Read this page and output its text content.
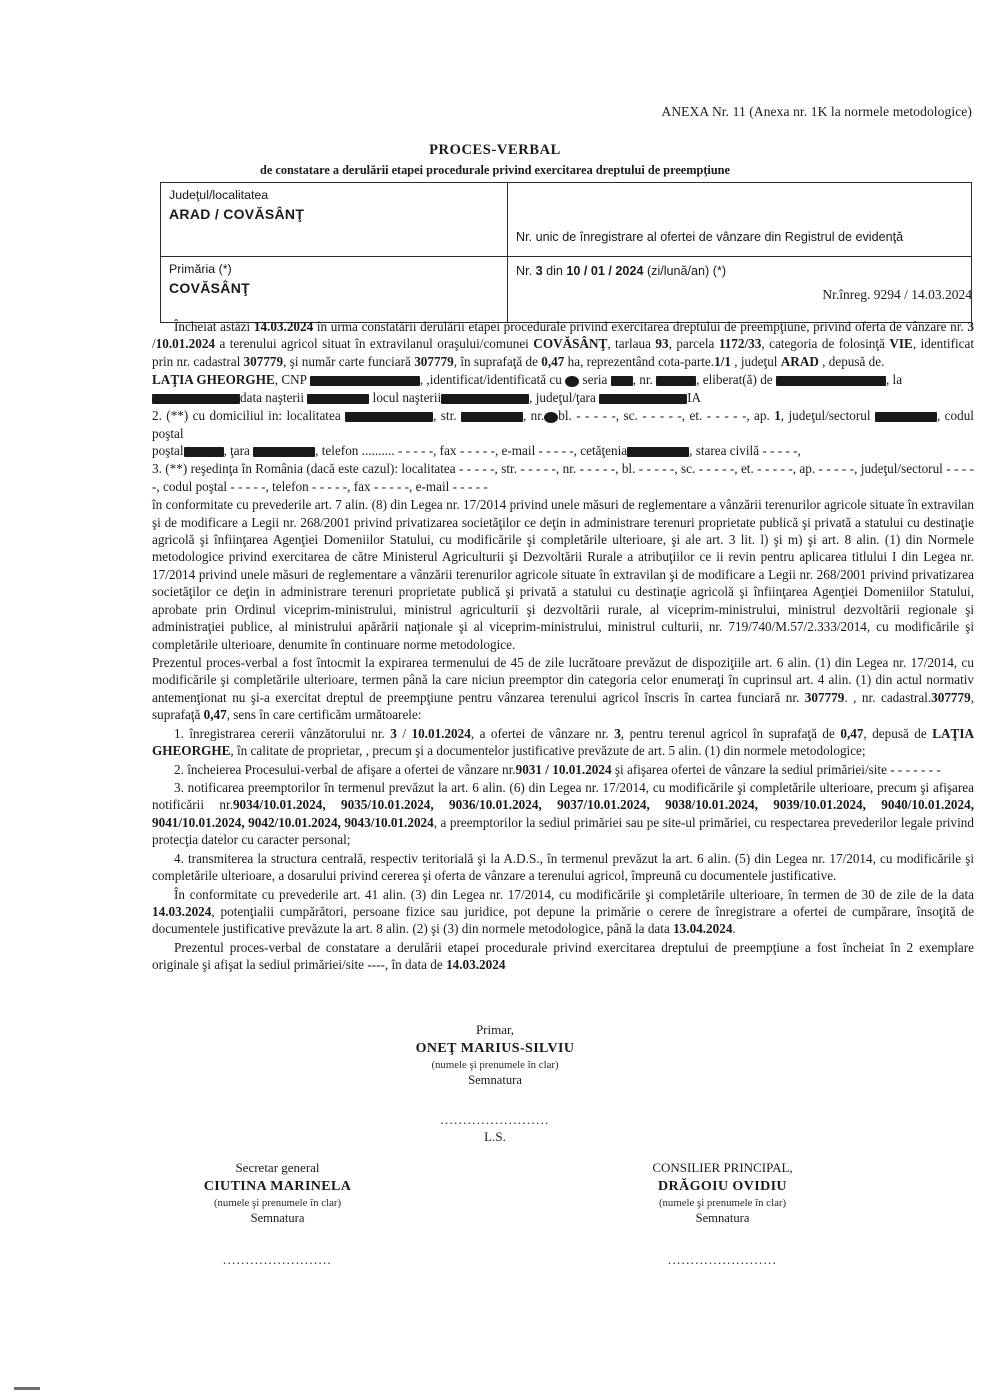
ANEXA Nr. 11 (Anexa nr. 1K la normele metodologice)
PROCES-VERBAL
de constatare a derulării etapei procedurale privind exercitarea dreptului de preempţiune
Judeţul/localitatea
ARAD / COVĂSÂNŢ	Nr. unic de înregistrare al ofertei de vânzare din Registrul de evidenţă

Primăria (*)
COVĂSÂNŢ	Nr. 3 din 10 / 01 / 2024 (zi/lună/an) (*)
Nr.înreg. 9294 / 14.03.2024

Încheiat astăzi 14.03.2024 în urma constatării derulării etapei procedurale privind exercitarea dreptului de preempţiune, privind oferta de vânzare nr. 3 /10.01.2024 a terenului agricol situat în extravilanul oraşului/comunei COVĂSÂNŢ, tarlaua 93, parcela 1172/33, categoria de folosinţă VIE, identificat prin nr. cadastral 307779, şi număr carte funciară 307779, în suprafaţă de 0,47 ha, reprezentând cota-parte.1/1 , judeţul ARAD , depusă de.

LAŢIA GHEORGHE, CNP	, ,identificat/identificată cu  seria , nr.	, eliberat(ă) de	, la
data naşterii	locul naşterii	, judeţul/ţara	IA

2. (**) cu domiciliul in: localitatea	, str.	, nr. bl. - - - - -, sc. - - - - -, et. - - - - -, ap. 1, judeţul/sectorul	, codul poştal
poştal	, ţara	, telefon .......... - - - - -, fax - - - - -, e-mail - - - - -, cetăţenia	, starea civilă - - - - -,

3. (**) reşedinţa în România (dacă este cazul): localitatea - - - - -, str. - - - - -, nr. - - - - -, bl. - - - - -, sc. - - - - -, et. - - - - -, ap. - - - - -, judeţul/sectorul - - - - -, codul poştal - - - - -, telefon - - - - -, fax - - - - -, e-mail - - - - -

în conformitate cu prevederile art. 7 alin. (8) din Legea nr. 17/2014 privind unele măsuri de reglementare a vânzării terenurilor agricole situate în extravilan şi de modificare a Legii nr. 268/2001 privind privatizarea societăţilor ce deţin in administrare terenuri proprietate publică şi privată a statului cu destinaţie agricolă şi înfiinţarea Agenţiei Domeniilor Statului, cu modificările şi completările ulterioare, şi ale art. 3 lit. l) şi m) şi art. 8 alin. (1) din Normele metodologice privind exercitarea de către Ministerul Agriculturii şi Dezvoltării Rurale a atribuţiilor ce ii revin pentru aplicarea titlului I din Legea nr. 17/2014 privind unele măsuri de reglementare a vânzării terenurilor agricole situate în extravilan şi de modificare a Legii nr. 268/2001 privind privatizarea societăţilor ce deţin in administrare terenuri proprietate publică şi privată a statului cu destinaţie agricolă şi înfiinţarea Agenţiei Domeniilor Statului, aprobate prin Ordinul viceprim-ministrului, ministrul agriculturii şi dezvoltării rurale, al viceprim-ministrului, ministrul dezvoltării regionale şi administraţiei publice, al ministrului apărării naţionale şi al viceprim-ministrului, ministrul culturii, nr. 719/740/M.57/2.333/2014, cu modificările şi completările ulterioare, denumite în continuare norme metodologice.

Prezentul proces-verbal a fost întocmit la expirarea termenului de 45 de zile lucrătoare prevăzut de dispoziţiile art. 6 alin. (1) din Legea nr. 17/2014, cu modificările şi completările ulterioare, termen până la care niciun preemptor din categoria celor enumeraţi în cuprinsul art. 4 alin. (1) din actul normativ antemenţionat nu şi-a exercitat dreptul de preempţiune pentru vânzarea terenului agricol înscris în cartea funciară nr. 307779. , nr. cadastral.307779, suprafaţă 0,47, sens în care certificăm următoarele:

1. înregistrarea cererii vânzătorului nr. 3 / 10.01.2024, a ofertei de vânzare nr. 3, pentru terenul agricol în suprafaţă de 0,47, depusă de LAŢIA GHEORGHE, în calitate de proprietar, , precum şi a documentelor justificative prevăzute de art. 5 alin. (1) din normele metodologice;

2. încheierea Procesului-verbal de afişare a ofertei de vânzare nr.9031 / 10.01.2024 şi afişarea ofertei de vânzare la sediul primăriei/site - - - - - - -

3. notificarea preemptorilor în termenul prevăzut la art. 6 alin. (6) din Legea nr. 17/2014, cu modificările şi completările ulterioare, precum şi afişarea notificării nr.9034/10.01.2024, 9035/10.01.2024, 9036/10.01.2024, 9037/10.01.2024, 9038/10.01.2024, 9039/10.01.2024, 9040/10.01.2024, 9041/10.01.2024, 9042/10.01.2024, 9043/10.01.2024, a preemptorilor la sediul primăriei sau pe site-ul primăriei, cu respectarea prevederilor legale privind protecţia datelor cu caracter personal;

4. transmiterea la structura centrală, respectiv teritorială şi la A.D.S., în termenul prevăzut la art. 6 alin. (5) din Legea nr. 17/2014, cu modificările şi completările ulterioare, a dosarului privind cererea şi oferta de vânzare a terenului agricol, împreună cu documentele justificative.

În conformitate cu prevederile art. 41 alin. (3) din Legea nr. 17/2014, cu modificările şi completările ulterioare, în termen de 30 de zile de la data 14.03.2024, potenţialii cumpărători, persoane fizice sau juridice, pot depune la primărie o cerere de înregistrare a ofertei de cumpărare, însoţită de documentele justificative prevăzute la art. 8 alin. (2) şi (3) din normele metodologice, până la data 13.04.2024.

Prezentul proces-verbal de constatare a derulării etapei procedurale privind exercitarea dreptului de preempţiune a fost încheiat în 2 exemplare originale şi afişat la sediul primăriei/site ----, în data de 14.03.2024

Primar,
ONEŢ MARIUS-SILVIU
(numele şi prenumele în clar)
Semnatura
........................
L.S.
Secretar general
CIUTINA MARINELA
(numele şi prenumele în clar)
Semnatura
........................
CONSILIER PRINCIPAL,
DRĂGOIU OVIDIU
(numele şi prenumele în clar)
Semnatura
........................
